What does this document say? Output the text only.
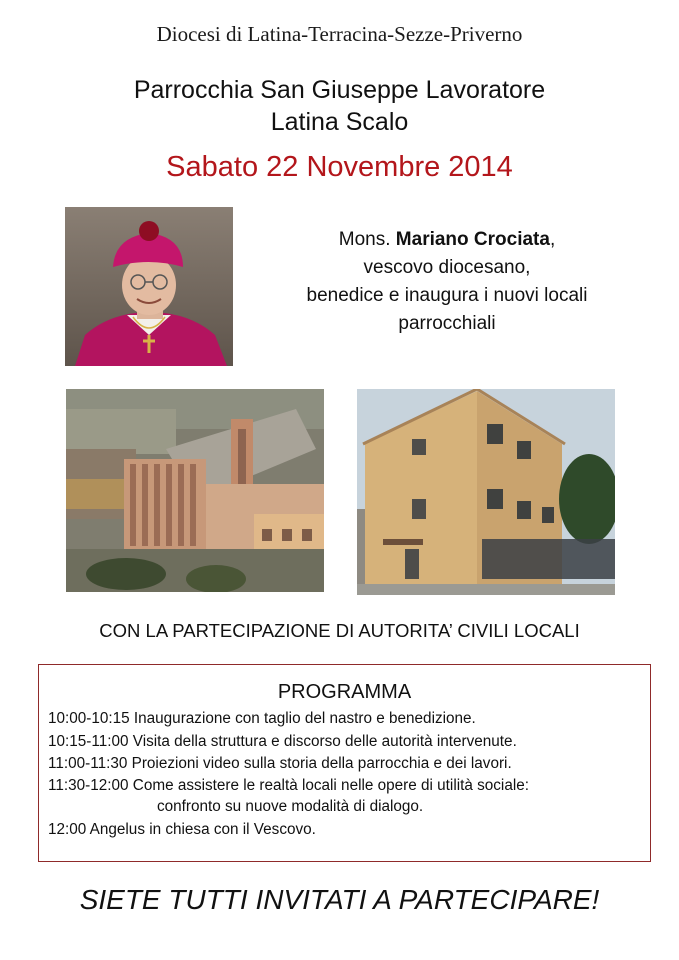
Diocesi di Latina-Terracina-Sezze-Priverno
Parrocchia San Giuseppe Lavoratore
Latina Scalo
Sabato 22 Novembre 2014
Mons. Mariano Crociata,
vescovo diocesano,
benedice e inaugura i nuovi locali
parrocchiali
CON LA PARTECIPAZIONE DI AUTORITA’ CIVILI LOCALI
PROGRAMMA
10:00-10:15 Inaugurazione con taglio del nastro e benedizione.
10:15-11:00 Visita della struttura e discorso delle autorità intervenute.
11:00-11:30 Proiezioni video sulla storia della parrocchia e dei lavori.
11:30-12:00 Come assistere le realtà locali nelle opere di utilità sociale:
confronto su nuove modalità di dialogo.
12:00 Angelus in chiesa con il Vescovo.
SIETE TUTTI INVITATI A PARTECIPARE!
